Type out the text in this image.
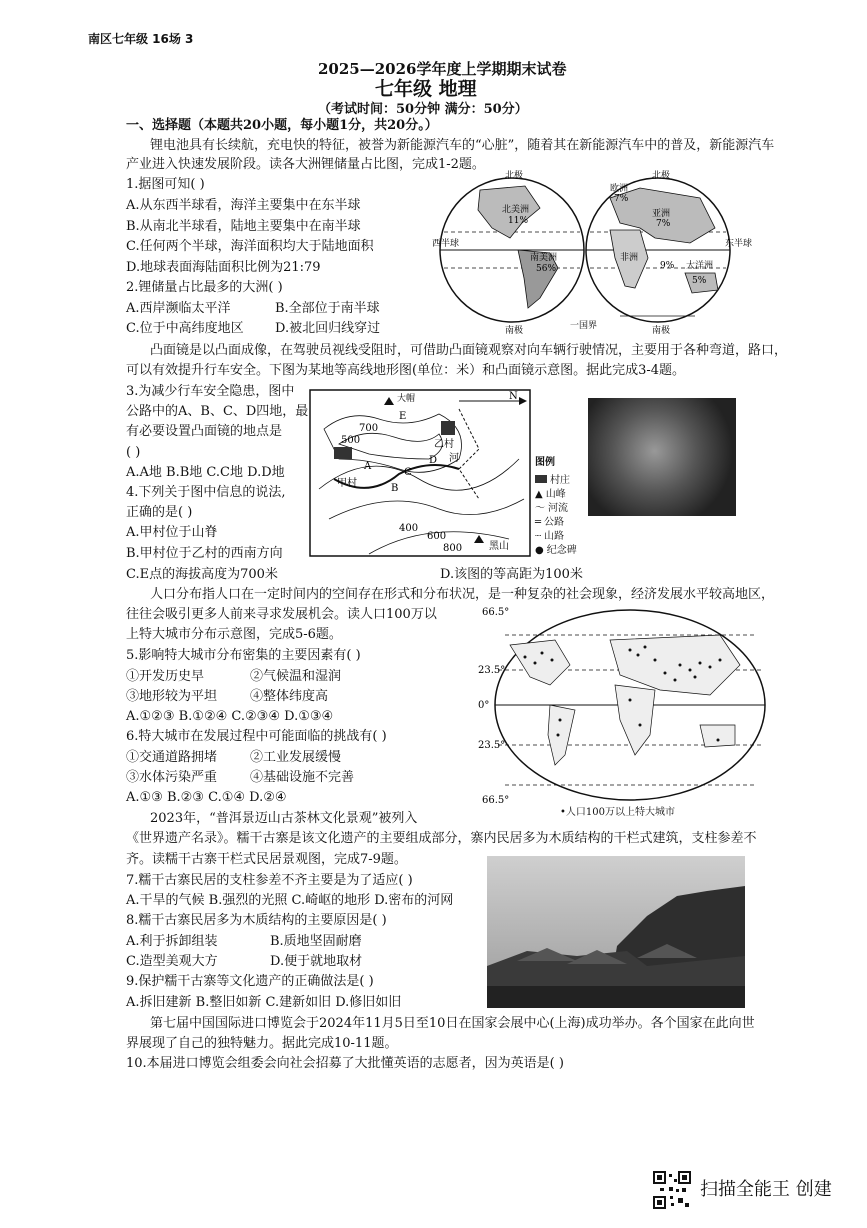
南区七年级 16场 3
2025—2026学年度上学期期末试卷
七年级 地理
（考试时间：50分钟 满分：50分）
一、选择题（本题共20小题，每小题1分，共20分。）
锂电池具有长续航，充电快的特征，被誉为新能源汽车的“心脏”，随着其在新能源汽车中的普及，新能源汽车
产业进入快速发展阶段。读各大洲锂储量占比图，完成1-2题。
1.据图可知( )
A.从东西半球看，海洋主要集中在东半球
B.从南北半球看，陆地主要集中在南半球
C.任何两个半球，海洋面积均大于陆地面积
D.地球表面海陆面积比例为21:79
2.锂储量占比最多的大洲( )
A.西岸濒临太平洋	B.全部位于南半球
C.位于中高纬度地区 D.被北回归线穿过
北极
南极
北极
南极
西半球	东半球
北美洲
11%
南美洲
56%
欧洲
7%
亚洲
7%
非洲
大洋洲
5%
9%
一国界
凸面镜是以凸面成像，在驾驶员视线受阻时，可借助凸面镜观察对向车辆行驶情况，主要用于各种弯道，路口，
可以有效提升行车安全。下图为某地等高线地形图(单位：米）和凸面镜示意图。据此完成3-4题。
3.为减少行车安全隐患，图中
公路中的A、B、C、D四地，最
有必要设置凸面镜的地点是
( )
A.A地 B.B地 C.C地 D.D地
4.下列关于图中信息的说法,
正确的是( )
A.甲村位于山脊
B.甲村位于乙村的西南方向
C.E点的海拔高度为700米	D.该图的等高距为100米
N
大帽
甲村
乙村
700
500
400
600
800
A
B
C
D
E
河
黑山
图例
村庄
▲ 山峰
〜 河流
═ 公路
┈ 山路
● 纪念碑
人口分布指人口在一定时间内的空间存在形式和分布状况，是一种复杂的社会现象，经济发展水平较高地区，
往往会吸引更多人前来寻求发展机会。读人口100万以
上特大城市分布示意图，完成5-6题。
5.影响特大城市分布密集的主要因素有( )
①开发历史早	②气候温和湿润
③地形较为平坦	④整体纬度高
A.①②③ B.①②④ C.②③④ D.①③④
6.特大城市在发展过程中可能面临的挑战有( )
①交通道路拥堵	②工业发展缓慢
③水体污染严重	④基础设施不完善
A.①③ B.②③ C.①④ D.②④
66.5°
23.5°
0°
23.5°
66.5°
•人口100万以上特大城市
2023年，“普洱景迈山古茶林文化景观”被列入
《世界遗产名录》。糯干古寨是该文化遗产的主要组成部分，寨内民居多为木质结构的干栏式建筑，支柱参差不
齐。读糯干古寨干栏式民居景观图，完成7-9题。
7.糯干古寨民居的支柱参差不齐主要是为了适应( )
A.干旱的气候 B.强烈的光照 C.崎岖的地形 D.密布的河网
8.糯干古寨民居多为木质结构的主要原因是( )
A.利于拆卸组装	B.质地坚固耐磨
C.造型美观大方	D.便于就地取材
9.保护糯干古寨等文化遗产的正确做法是( )
A.拆旧建新 B.整旧如新 C.建新如旧 D.修旧如旧
第七届中国国际进口博览会于2024年11月5日至10日在国家会展中心(上海)成功举办。各个国家在此向世
界展现了自己的独特魅力。据此完成10-11题。
10.本届进口博览会组委会向社会招募了大批懂英语的志愿者，因为英语是( )
扫描全能王 创建
